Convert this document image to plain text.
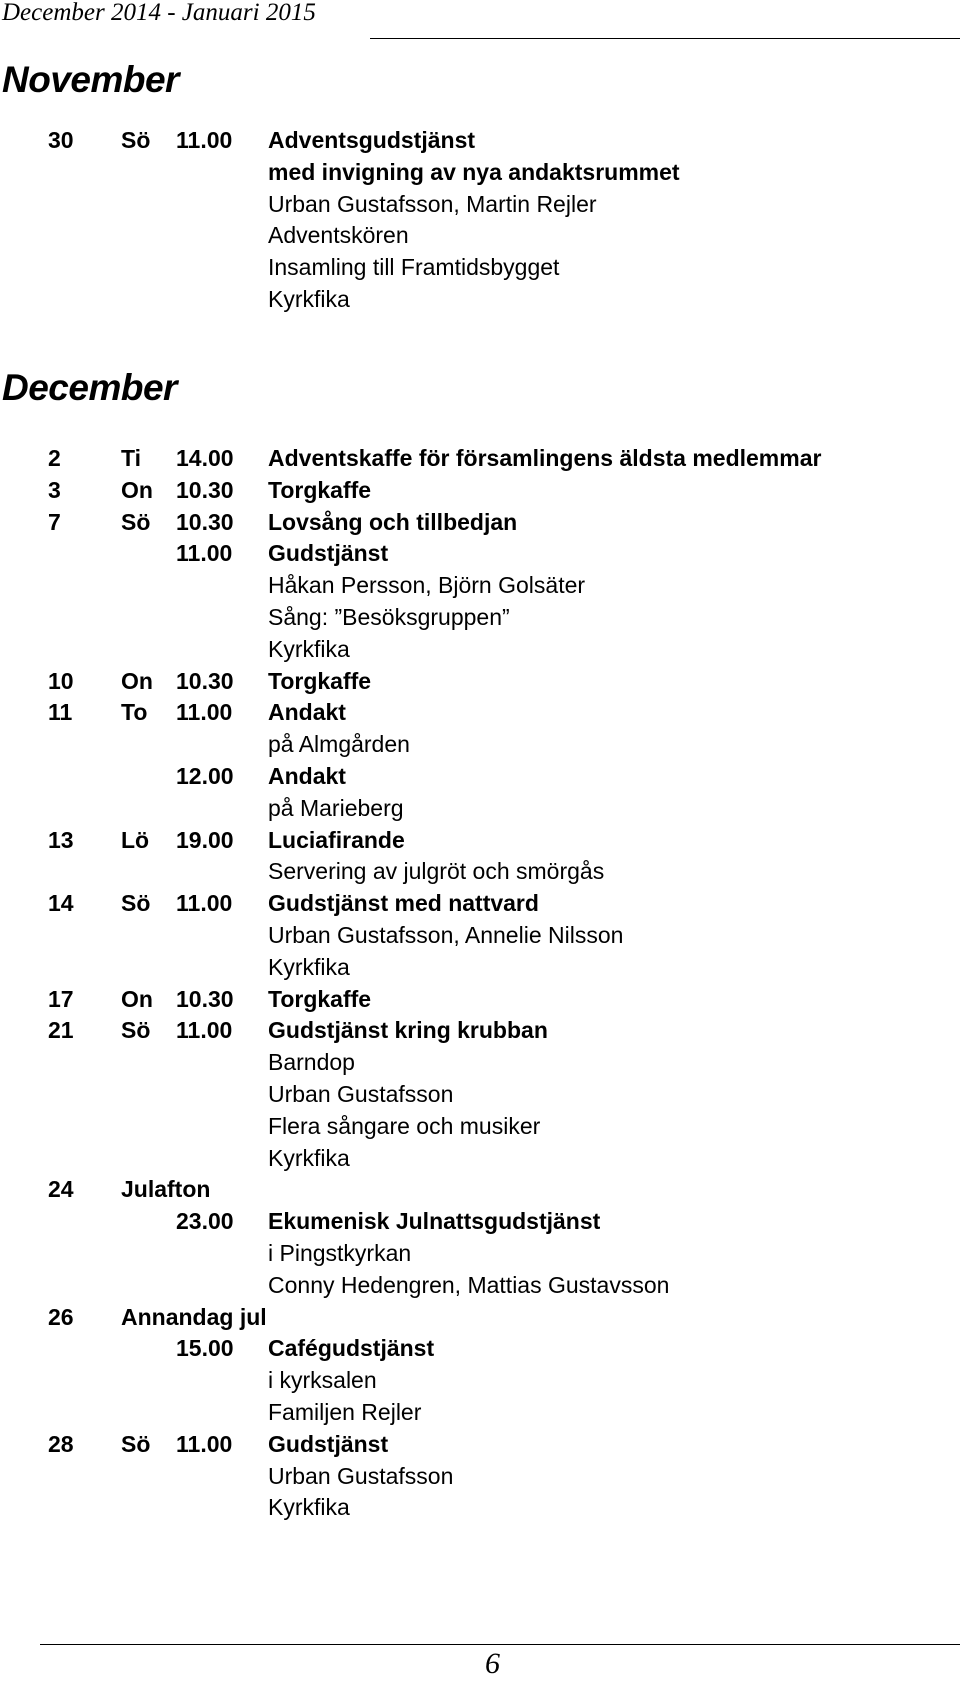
December 2014 - Januari 2015
November
December
30 Sö 11.00 Adventsgudstjänst
med invigning av nya andaktsrummet
Urban Gustafsson, Martin Rejler
Adventskören
Insamling till Framtidsbygget
Kyrkfika
2	Ti 14.00 Adventskaffe för församlingens äldsta medlemmar
3	On 10.30 Torgkaffe
7	Sö 10.30 Lovsång och tillbedjan
11.00 Gudstjänst
Håkan Persson, Björn Golsäter
Sång: ”Besöksgruppen”
Kyrkfika
10 On 10.30 Torgkaffe
11 To 11.00 Andakt
på Almgården
12.00 Andakt
på Marieberg
13 Lö 19.00 Luciafirande
Servering av julgröt och smörgås
14 Sö 11.00 Gudstjänst med nattvard
Urban Gustafsson, Annelie Nilsson
Kyrkfika
17 On 10.30 Torgkaffe
21 Sö 11.00 Gudstjänst kring krubban
Barndop
Urban Gustafsson
Flera sångare och musiker
Kyrkfika
24 Julafton
23.00 Ekumenisk Julnattsgudstjänst
i Pingstkyrkan
Conny Hedengren, Mattias Gustavsson
26 Annandag jul
15.00 Cafégudstjänst
i kyrksalen
Familjen Rejler
28 Sö 11.00 Gudstjänst
Urban Gustafsson
Kyrkfika
6
